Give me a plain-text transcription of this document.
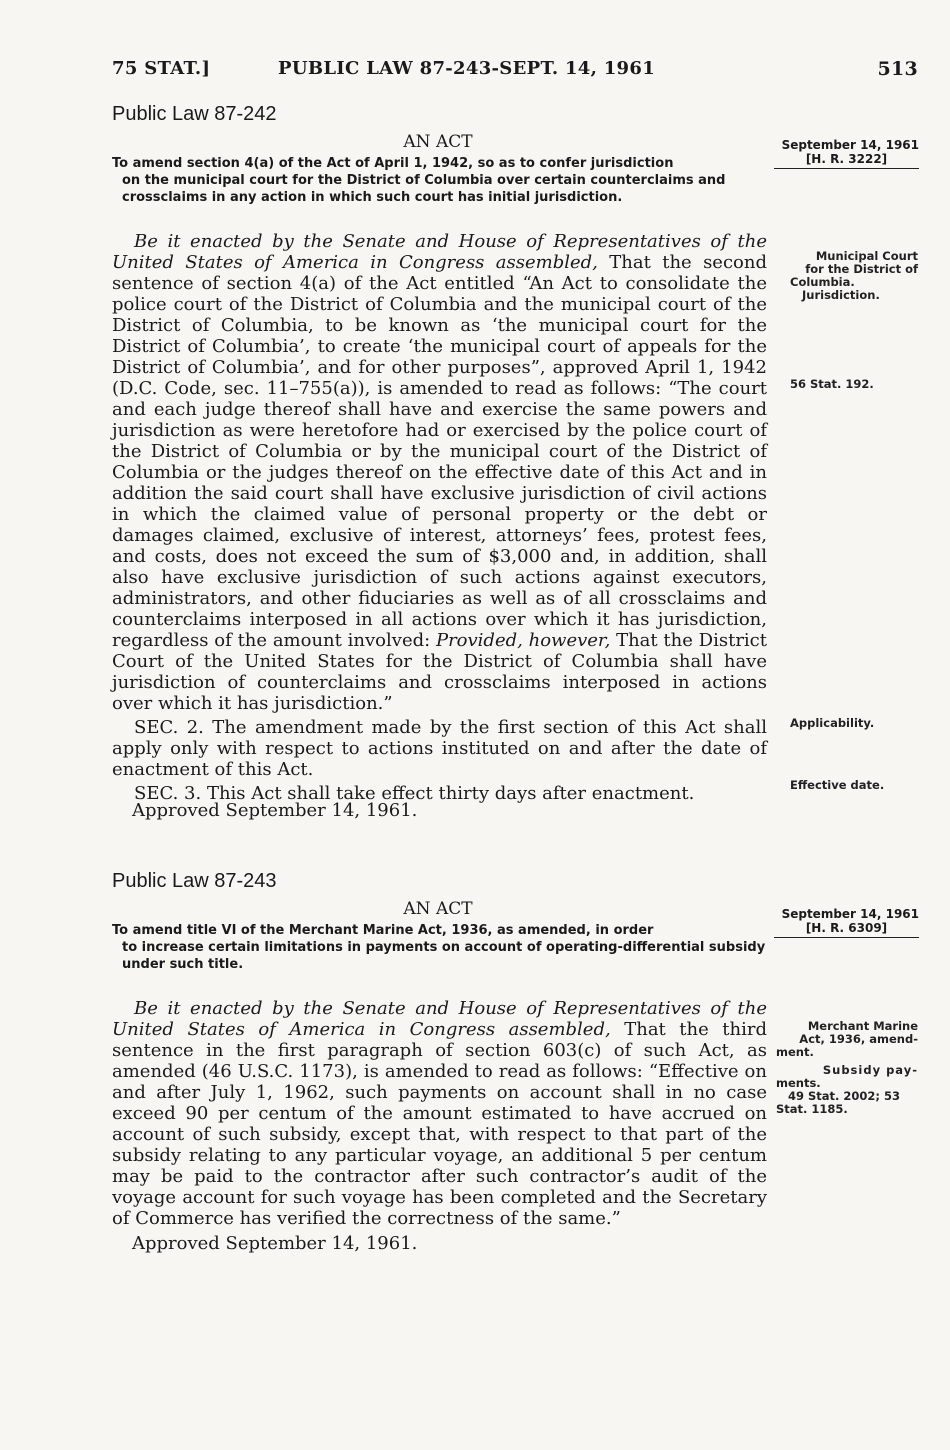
75 STAT.]	PUBLIC LAW 87-243-SEPT. 14, 1961	513
Public Law 87-242
AN ACT	September 14, 1961
[H. R. 3222]
To amend section 4(a) of the Act of April 1, 1942, so as to confer jurisdiction
on the municipal court for the District of Columbia over certain counterclaims and crossclaims in any action in which such court has initial jurisdiction.

Be it enacted by the Senate and House of Representatives of the United States of America in Congress assembled, That the second sentence of section 4(a) of the Act entitled “An Act to consolidate the police court of the District of Columbia and the municipal court of the District of Columbia, to be known as ‘the municipal court for the District of Columbia’, to create ‘the municipal court of appeals for the District of Columbia’, and for other purposes”, approved April 1, 1942 (D.C. Code, sec. 11–755(a)), is amended to read as follows: “The court and each judge thereof shall have and exercise the same powers and jurisdiction as were heretofore had or exercised by the police court of the District of Columbia or by the municipal court of the District of Columbia or the judges thereof on the effective date of this Act and in addition the said court shall have exclusive jurisdiction of civil actions in which the claimed value of personal property or the debt or damages claimed, exclusive of interest, attorneys’ fees, protest fees, and costs, does not exceed the sum of $3,000 and, in addition, shall also have exclusive jurisdiction of such actions against executors, administrators, and other fiduciaries as well as of all crossclaims and counterclaims interposed in all actions over which it has jurisdiction, regardless of the amount involved: Provided, however, That the District Court of the United States for the District of Columbia shall have jurisdiction of counterclaims and crossclaims interposed in actions over which it has jurisdiction.”

SEC. 2. The amendment made by the first section of this Act shall apply only with respect to actions instituted on and after the date of enactment of this Act.

SEC. 3. This Act shall take effect thirty days after enactment.

Approved September 14, 1961.
Municipal Court
for the District of
Columbia.
Jurisdiction.
56 Stat. 192.
Applicability.
Effective date.
Public Law 87-243
AN ACT	September 14, 1961
[H. R. 6309]
To amend title VI of the Merchant Marine Act, 1936, as amended, in order
to increase certain limitations in payments on account of operating-differential subsidy under such title.

Be it enacted by the Senate and House of Representatives of the United States of America in Congress assembled, That the third sentence in the first paragraph of section 603(c) of such Act, as amended (46 U.S.C. 1173), is amended to read as follows: “Effective on and after July 1, 1962, such payments on account shall in no case exceed 90 per centum of the amount estimated to have accrued on account of such subsidy, except that, with respect to that part of the subsidy relating to any particular voyage, an additional 5 per centum may be paid to the contractor after such contractor’s audit of the voyage account for such voyage has been completed and the Secretary of Commerce has verified the correctness of the same.”

Approved September 14, 1961.
Merchant Marine
Act, 1936, amend-
ment.
Subsidy pay-
ments.
49 Stat. 2002; 53
Stat. 1185.
